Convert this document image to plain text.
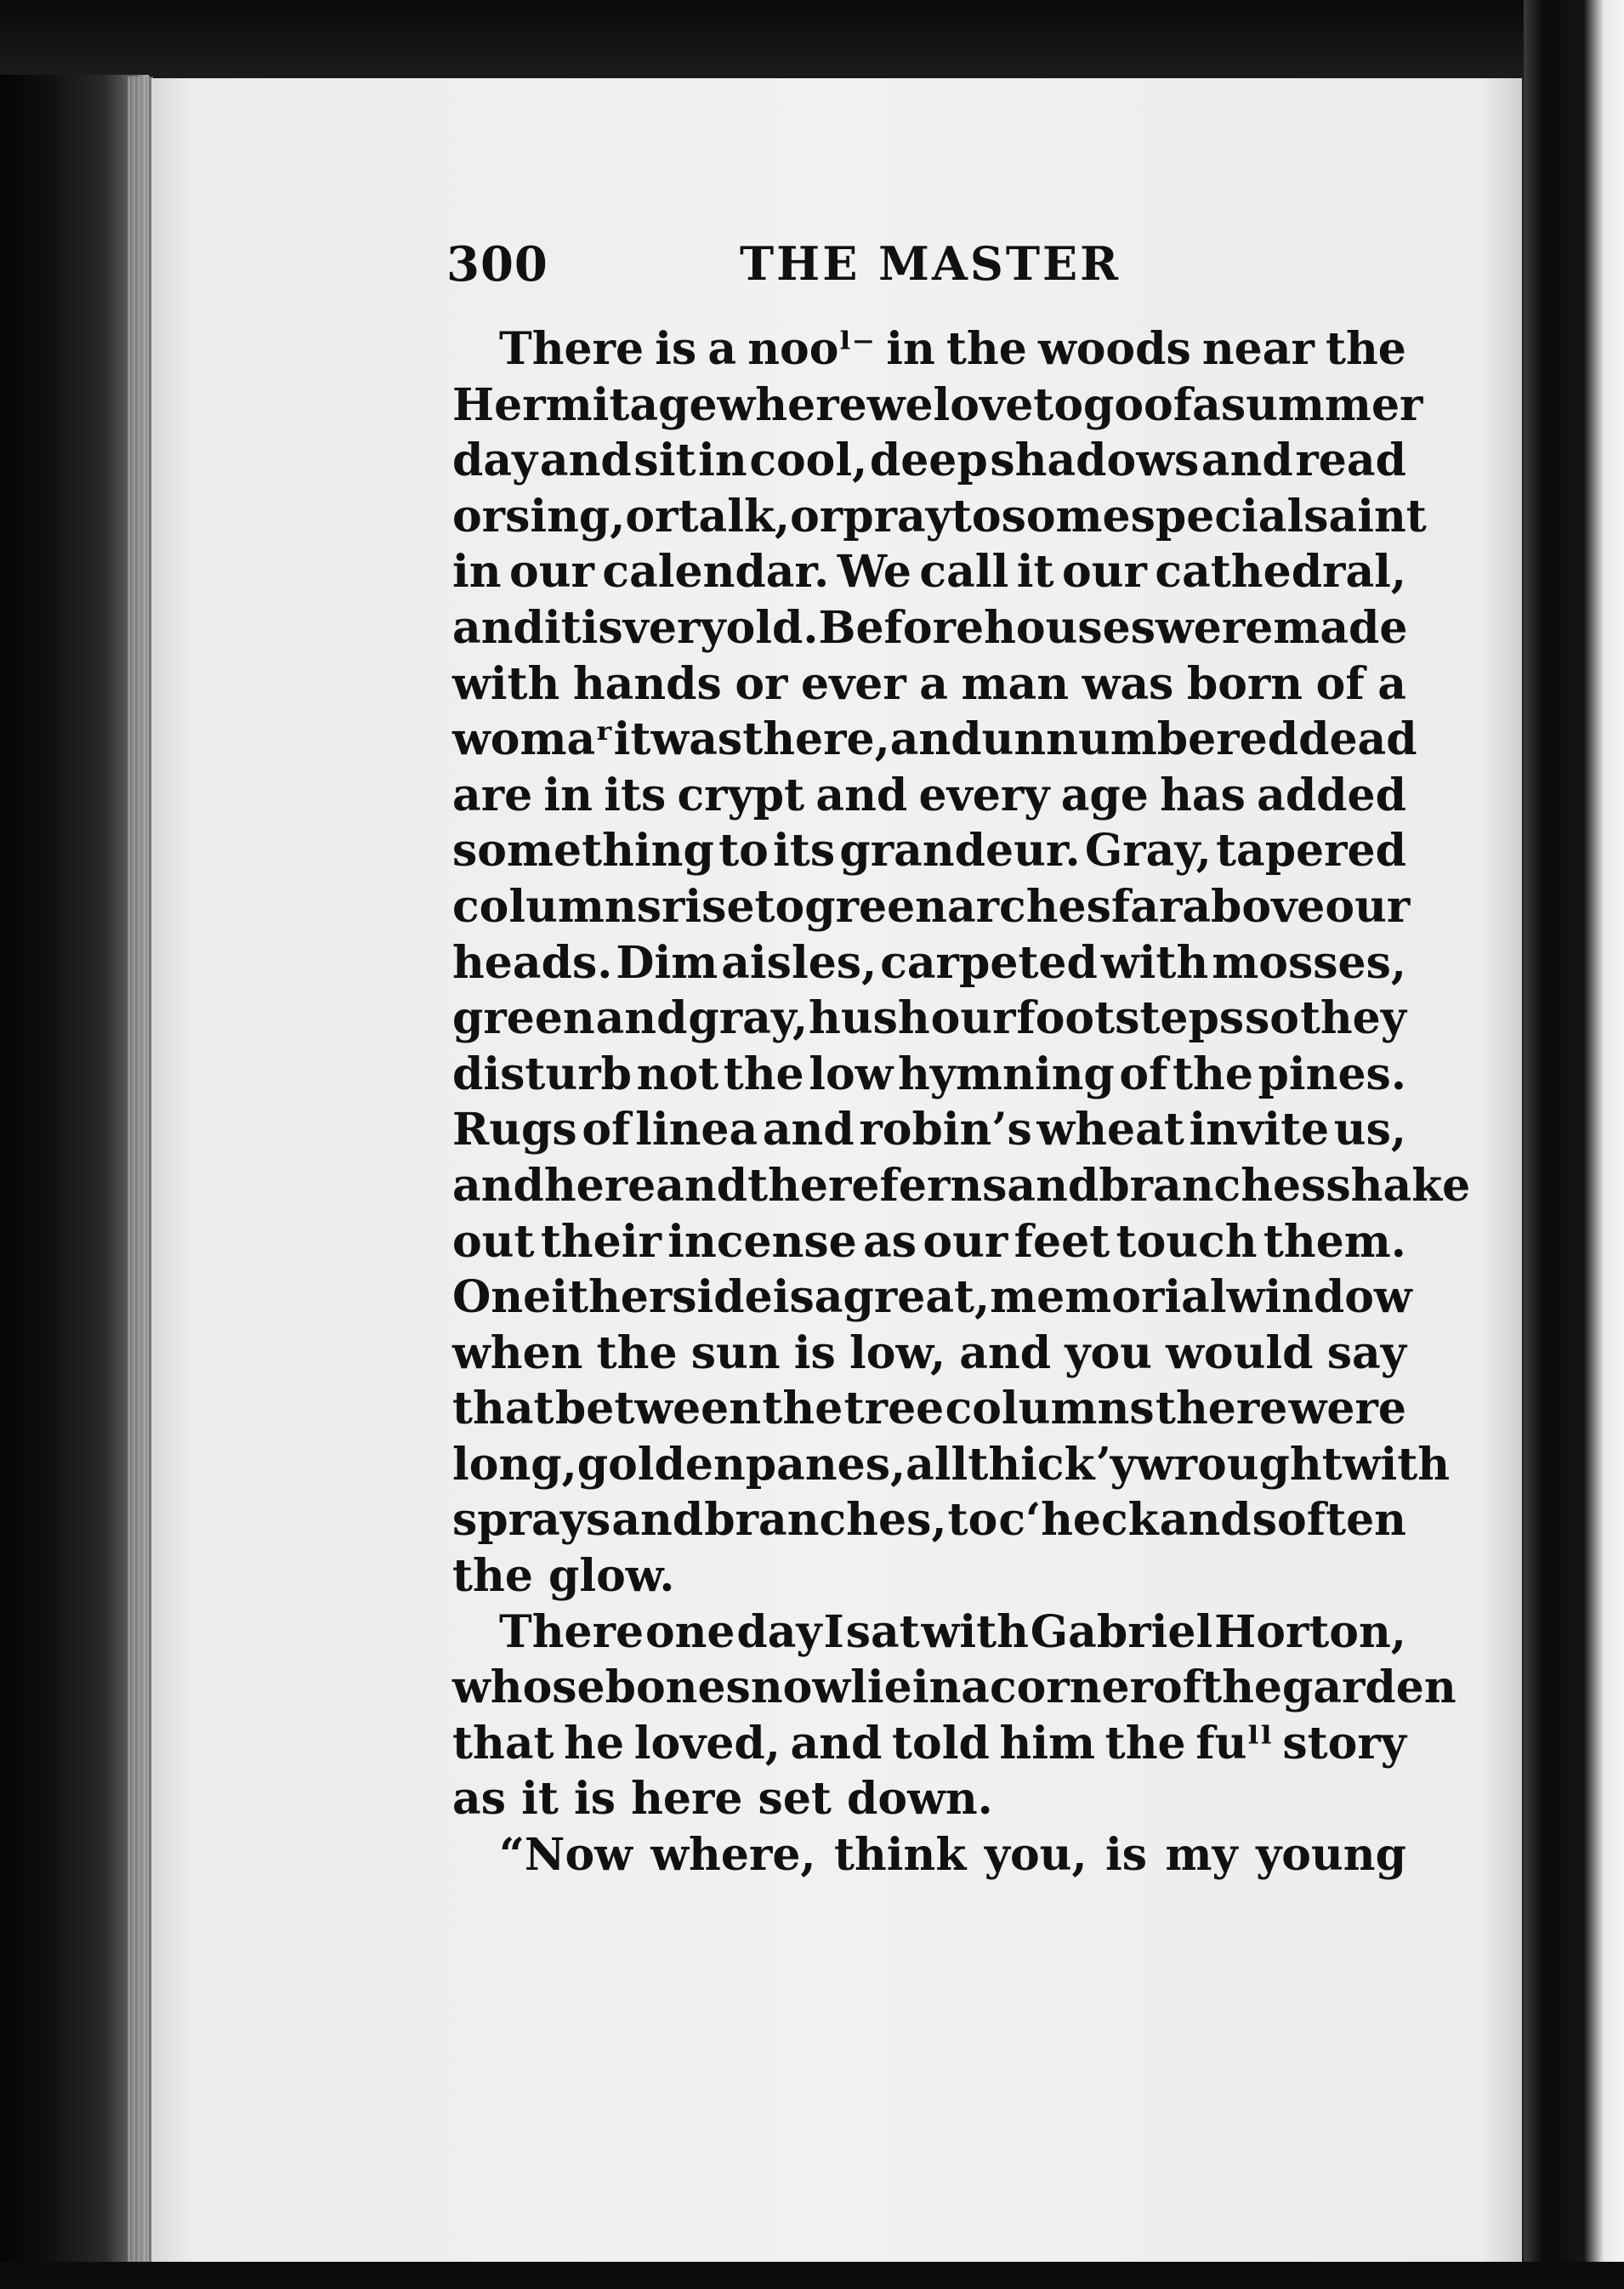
300	THE MASTER
There is a nooˡ⁻ in the woods near the
Hermitage where we love to go of a summer
day and sit in cool, deep shadows and read
or sing, or talk, or pray to some special saint
in our calendar. We call it our cathedral,
and it is very old. Before houses were made
with hands or ever a man was born of a
womaʳ it was there, and unnumbered dead
are in its crypt and every age has added
something to its grandeur. Gray, tapered
columns rise to green arches far above our
heads. Dim aisles, carpeted with mosses,
green and gray, hush our footsteps so they
disturb not the low hymning of the pines.
Rugs of linea and robin’s wheat invite us,
and here and there ferns and branches shake
out their incense as our feet touch them.
On either side is a great, memorial window
when the sun is low, and you would say
that between the tree columns there were
long, golden panes, all thickʼy wrought with
sprays and branches, to cʻheck and soften
the glow.
There one day I sat with Gabriel Horton,
whose bones now lie in a corner of the garden
that he loved, and told him the fuˡˡ story
as it is here set down.
“Now where, think you, is my young
